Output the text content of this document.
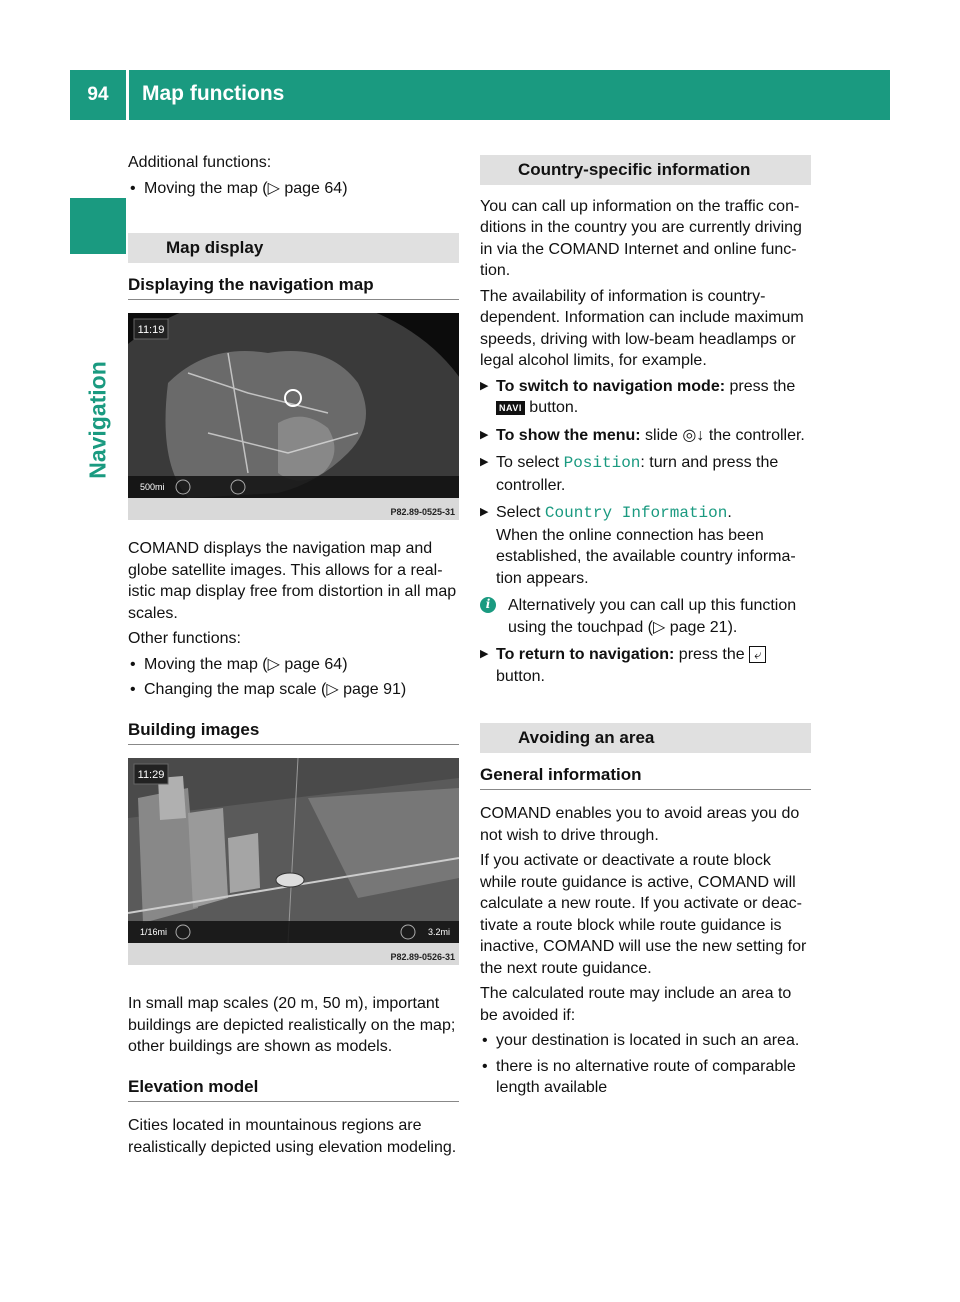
94	Map functions
Navigation

Additional functions:

• Moving the map (▷ page 64)
Map display
Displaying the navigation map
11:19
500mi
P82.89-0525-31

COMAND displays the navigation map and globe satellite images. This allows for a realistic map display free from distortion in all map scales.

Other functions:

• Moving the map (▷ page 64)
• Changing the map scale (▷ page 91)
Building images
11:29
1/16mi	3.2mi
P82.89-0526-31

In small map scales (20 m, 50 m), important buildings are depicted realistically on the map; other buildings are shown as models.

Elevation model

Cities located in mountainous regions are realistically depicted using elevation modeling.

Country-specific information

You can call up information on the traffic conditions in the country you are currently driving in via the COMAND Internet and online function.

The availability of information is country-dependent. Information can include maximum speeds, driving with low-beam headlamps or legal alcohol limits, for example.

▶ To switch to navigation mode: press the
NAVI button.
▶ To show the menu: slide ◎↓ the controller.
▶ To select Position: turn and press the controller.
▶ Select Country Information.
When the online connection has been established, the available country information appears.
i	Alternatively you can call up this function using the touchpad (▷ page 21).
▶ To return to navigation: press the ⤶
button.
Avoiding an area
General information

COMAND enables you to avoid areas you do not wish to drive through.

If you activate or deactivate a route block while route guidance is active, COMAND will calculate a new route. If you activate or deactivate a route block while route guidance is inactive, COMAND will use the new setting for the next route guidance.

The calculated route may include an area to be avoided if:

• your destination is located in such an area.
• there is no alternative route of comparable length available
